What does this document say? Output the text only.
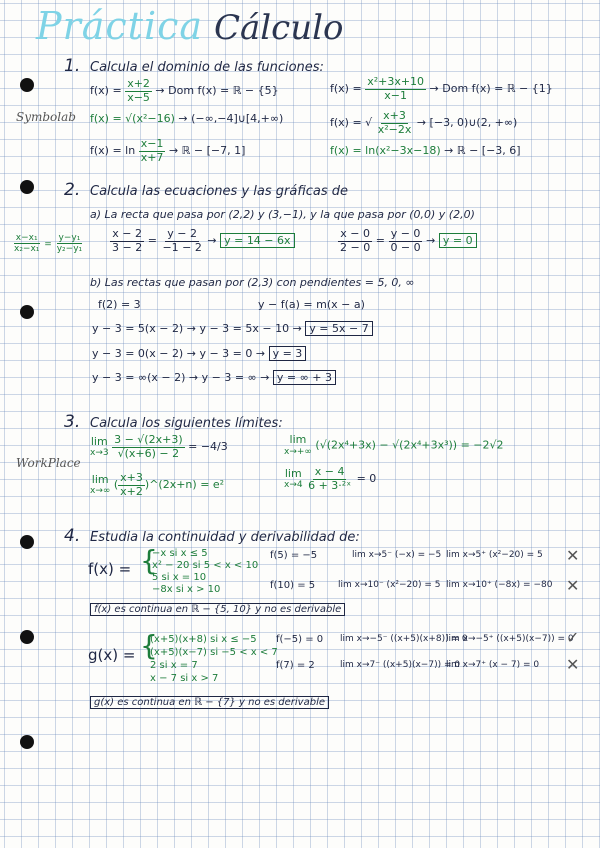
Práctica Cálculo
Symbolab
WorkPlace
$\frac{\text{x−x₁}}{\text{x₂−x₁}} = \frac{\text{y−y₁}}{\text{y₂−y₁}}$
1. Calcula el dominio de las funciones:
$f(x) = \frac{x+2}{x-5}$ → Dom f(x) = ℝ − {5}
f(x) = √(x²−16) → (−∞,−4]∪[4,+∞)
$f(x) = \ln \frac{x-1}{x+7}$ → ℝ − [−7, 1]
$f(x) = \frac{\text{x²+3x+10}}{x-1}$ → Dom f(x) = ℝ − {1}
f(x) = √ $\frac{x+3}{\text{x²−2x}} \to [-3$, 0)∪(2, +∞)
f(x) = ln(x²−3x−18) → ℝ − [−3, 6]
2. Calcula las ecuaciones y las gráficas de
a) La recta que pasa por (2,2) y (3,−1), y la que pasa por (0,0) y (2,0)
$\frac{x - 2}{3 - 2} = \frac{y - 2}{-1 - 2} \to y = 14 - 6x$	$\frac{x - 0}{2 - 0} = \frac{y - 0}{0 - 0} \to y = 0$
b) Las rectas que pasan por (2,3) con pendientes = 5, 0, ∞
f(2) = 3	y − f(a) = m(x − a)
y − 3 = 5(x − 2) → y − 3 = 5x − 10 → y = 5x − 7
y − 3 = 0(x − 2) → y − 3 = 0 → y = 3
y − 3 = ∞(x − 2) → y − 3 = ∞ → y = ∞ + 3
3. Calcula los siguientes límites:
lim
x→3
$\frac{3 - √(2x+3)}{√(x+6) - 2} = -4/3$
lim
x→+∞
(√(2x⁴+3x) − √(2x⁴+3x³)) = −2√2
lim
x→∞
( $\frac{x+3}{x+2}$ )^(2x+n) = e²
lim
x→4
$\frac{x - 4}{\text{6 + 3·²ˣ}} = 0$
4. Estudia la continuidad y derivabilidad de:
f(x) = {
−x si x ≤ 5
x² − 20 si 5 < x < 10
5 si x = 10
−8x si x > 10
f(5) = −5	lim x→5⁻ (−x) = −5 lim x→5⁺ (x²−20) = 5 ✕
f(10) = 5	lim x→10⁻ (x²−20) = 5 lim x→10⁺ (−8x) = −80 ✕
f(x) es continua en ℝ − {5, 10} y no es derivable
g(x) = {
(x+5)(x+8) si x ≤ −5
(x+5)(x−7) si −5 < x < 7
2 si x = 7
x − 7 si x > 7
f(−5) = 0 lim x→−5⁻ ((x+5)(x+8)) = 0
lim x→−5⁺ ((x+5)(x−7)) = 0
✓
f(7) = 2	lim x→7⁻ ((x+5)(x−7)) = 0
lim x→7⁺ (x − 7) = 0 ✕
g(x) es continua en ℝ − {7} y no es derivable
